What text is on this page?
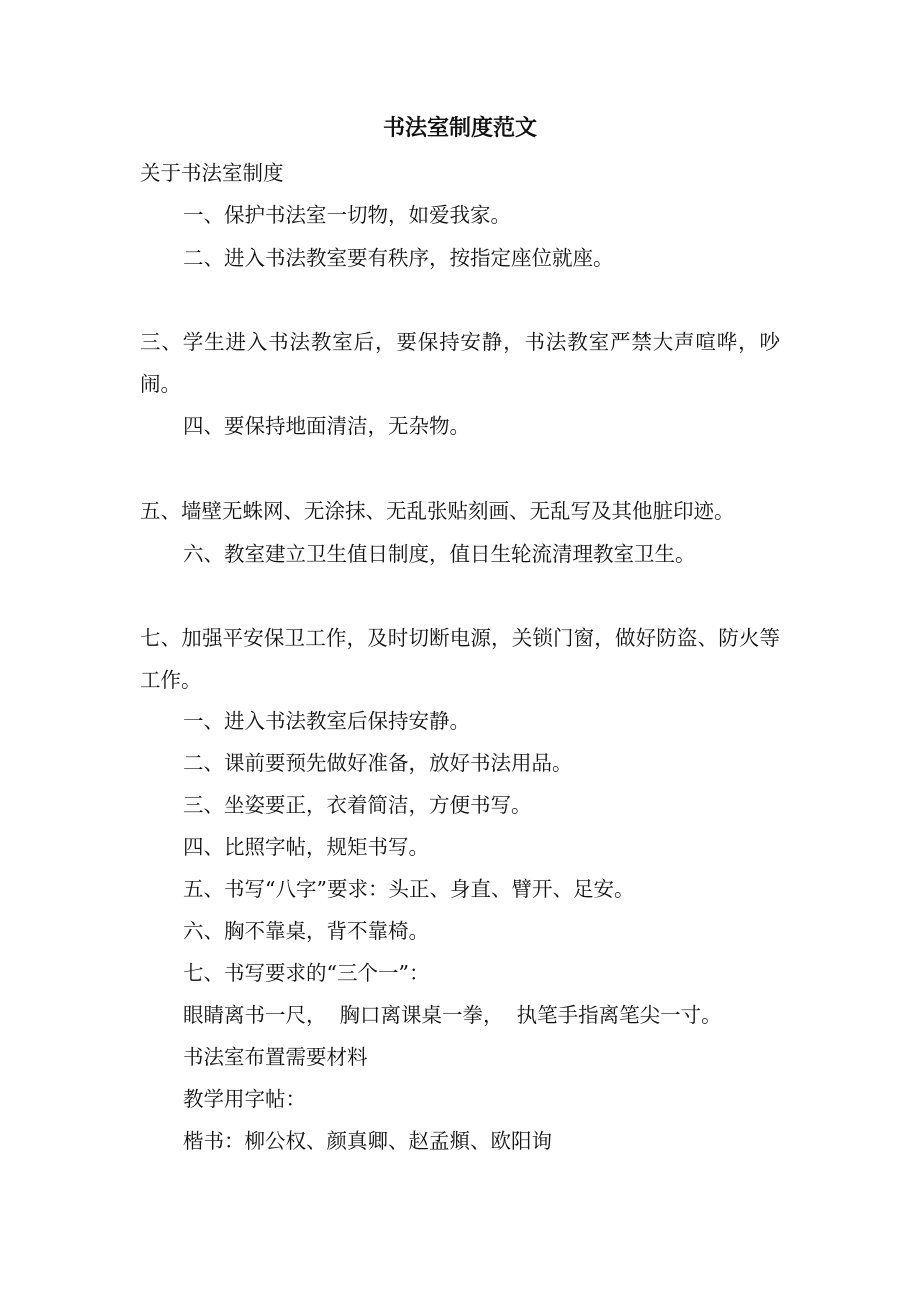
书法室制度范文
关于书法室制度
一、保护书法室一切物，如爱我家。
二、进入书法教室要有秩序，按指定座位就座。
三、学生进入书法教室后，要保持安静，书法教室严禁大声喧哗，吵闹。
四、要保持地面清洁，无杂物。
五、墙壁无蛛网、无涂抹、无乱张贴刻画、无乱写及其他脏印迹。
六、教室建立卫生值日制度，值日生轮流清理教室卫生。
七、加强平安保卫工作，及时切断电源，关锁门窗，做好防盗、防火等工作。
一、进入书法教室后保持安静。
二、课前要预先做好准备，放好书法用品。
三、坐姿要正，衣着简洁，方便书写。
四、比照字帖，规矩书写。
五、书写“八字”要求：头正、身直、臂开、足安。
六、胸不靠桌，背不靠椅。
七、书写要求的“三个一”：
眼睛离书一尺，  胸口离课桌一拳，  执笔手指离笔尖一寸。
书法室布置需要材料
教学用字帖：
楷书：柳公权、颜真卿、赵孟頫、欧阳询
